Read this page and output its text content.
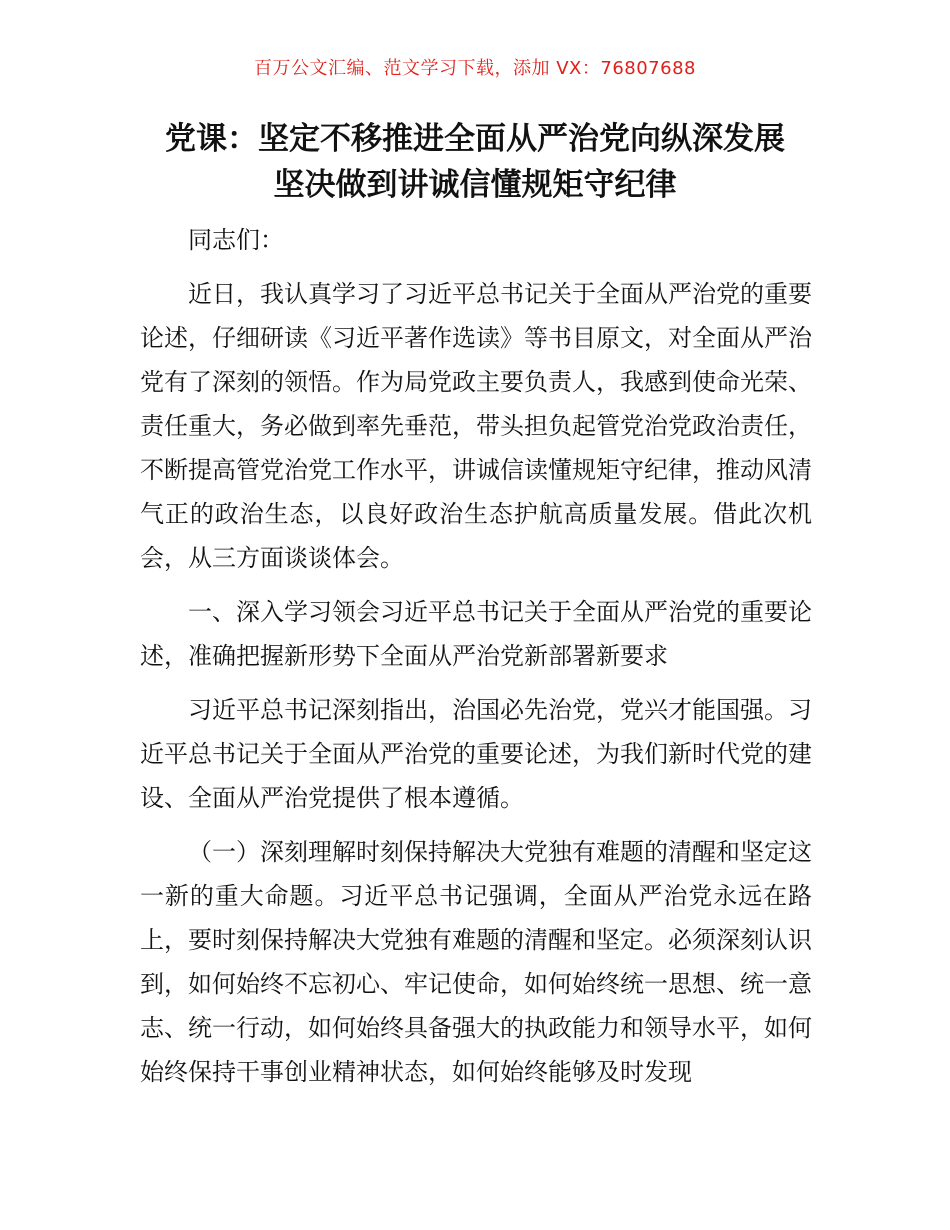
百万公文汇编、范文学习下载，添加 VX：76807688
党课：坚定不移推进全面从严治党向纵深发展
坚决做到讲诚信懂规矩守纪律

同志们：

近日，我认真学习了习近平总书记关于全面从严治党的重要论述，仔细研读《习近平著作选读》等书目原文，对全面从严治党有了深刻的领悟。作为局党政主要负责人，我感到使命光荣、责任重大，务必做到率先垂范，带头担负起管党治党政治责任，不断提高管党治党工作水平，讲诚信读懂规矩守纪律，推动风清气正的政治生态，以良好政治生态护航高质量发展。借此次机会，从三方面谈谈体会。

一、深入学习领会习近平总书记关于全面从严治党的重要论述，准确把握新形势下全面从严治党新部署新要求

习近平总书记深刻指出，治国必先治党，党兴才能国强。习近平总书记关于全面从严治党的重要论述，为我们新时代党的建设、全面从严治党提供了根本遵循。

（一）深刻理解时刻保持解决大党独有难题的清醒和坚定这一新的重大命题。习近平总书记强调，全面从严治党永远在路上，要时刻保持解决大党独有难题的清醒和坚定。必须深刻认识到，如何始终不忘初心、牢记使命，如何始终统一思想、统一意志、统一行动，如何始终具备强大的执政能力和领导水平，如何始终保持干事创业精神状态，如何始终能够及时发现
